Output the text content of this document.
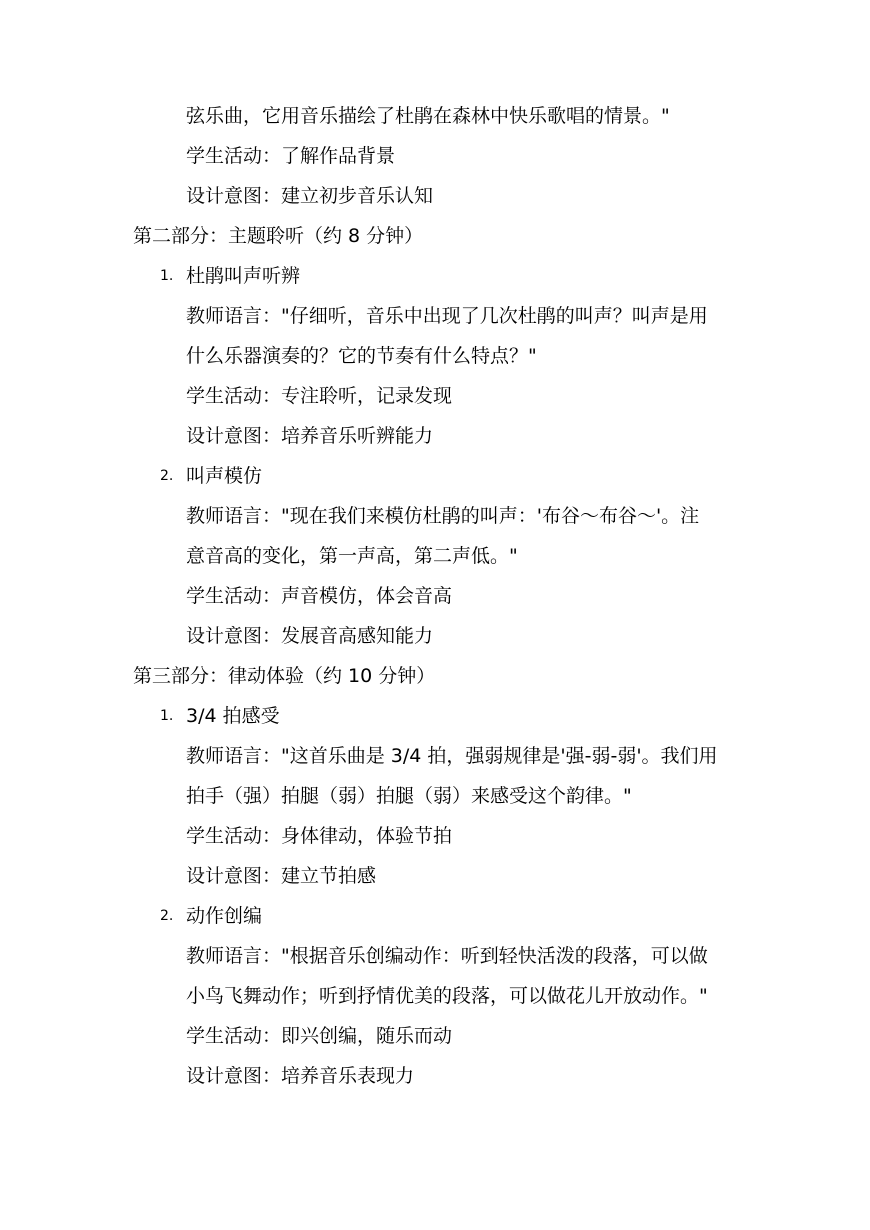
弦乐曲，它用音乐描绘了杜鹃在森林中快乐歌唱的情景。"
学生活动：了解作品背景
设计意图：建立初步音乐认知
第二部分：主题聆听（约 8 分钟）
1. 杜鹃叫声听辨
教师语言："仔细听，音乐中出现了几次杜鹃的叫声？叫声是用
什么乐器演奏的？它的节奏有什么特点？"
学生活动：专注聆听，记录发现
设计意图：培养音乐听辨能力
2. 叫声模仿
教师语言："现在我们来模仿杜鹃的叫声：'布谷～布谷～'。注
意音高的变化，第一声高，第二声低。"
学生活动：声音模仿，体会音高
设计意图：发展音高感知能力
第三部分：律动体验（约 10 分钟）
1. 3/4 拍感受
教师语言："这首乐曲是 3/4 拍，强弱规律是'强-弱-弱'。我们用
拍手（强）拍腿（弱）拍腿（弱）来感受这个韵律。"
学生活动：身体律动，体验节拍
设计意图：建立节拍感
2. 动作创编
教师语言："根据音乐创编动作：听到轻快活泼的段落，可以做
小鸟飞舞动作；听到抒情优美的段落，可以做花儿开放动作。"
学生活动：即兴创编，随乐而动
设计意图：培养音乐表现力
